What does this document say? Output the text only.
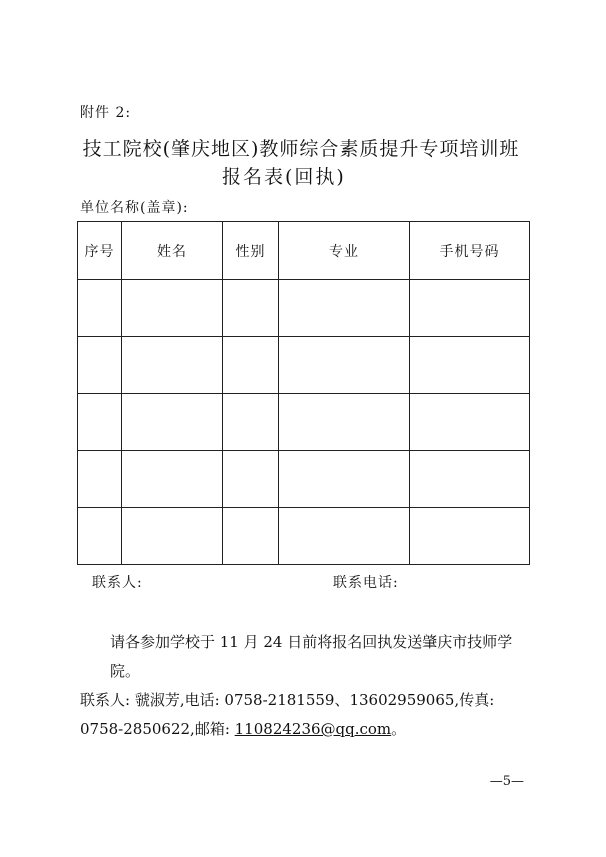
附件 2:
技工院校(肇庆地区)教师综合素质提升专项培训班
报名表(回执)
单位名称(盖章):
序号	姓名	性别	专业	手机号码

联系人:	联系电话:

请各参加学校于 11 月 24 日前将报名回执发送肇庆市技师学院。

联系人: 虢淑芳,电话: 0758-2181559、13602959065,传真:

0758-2850622,邮箱: 110824236@qq.com。

—5—
